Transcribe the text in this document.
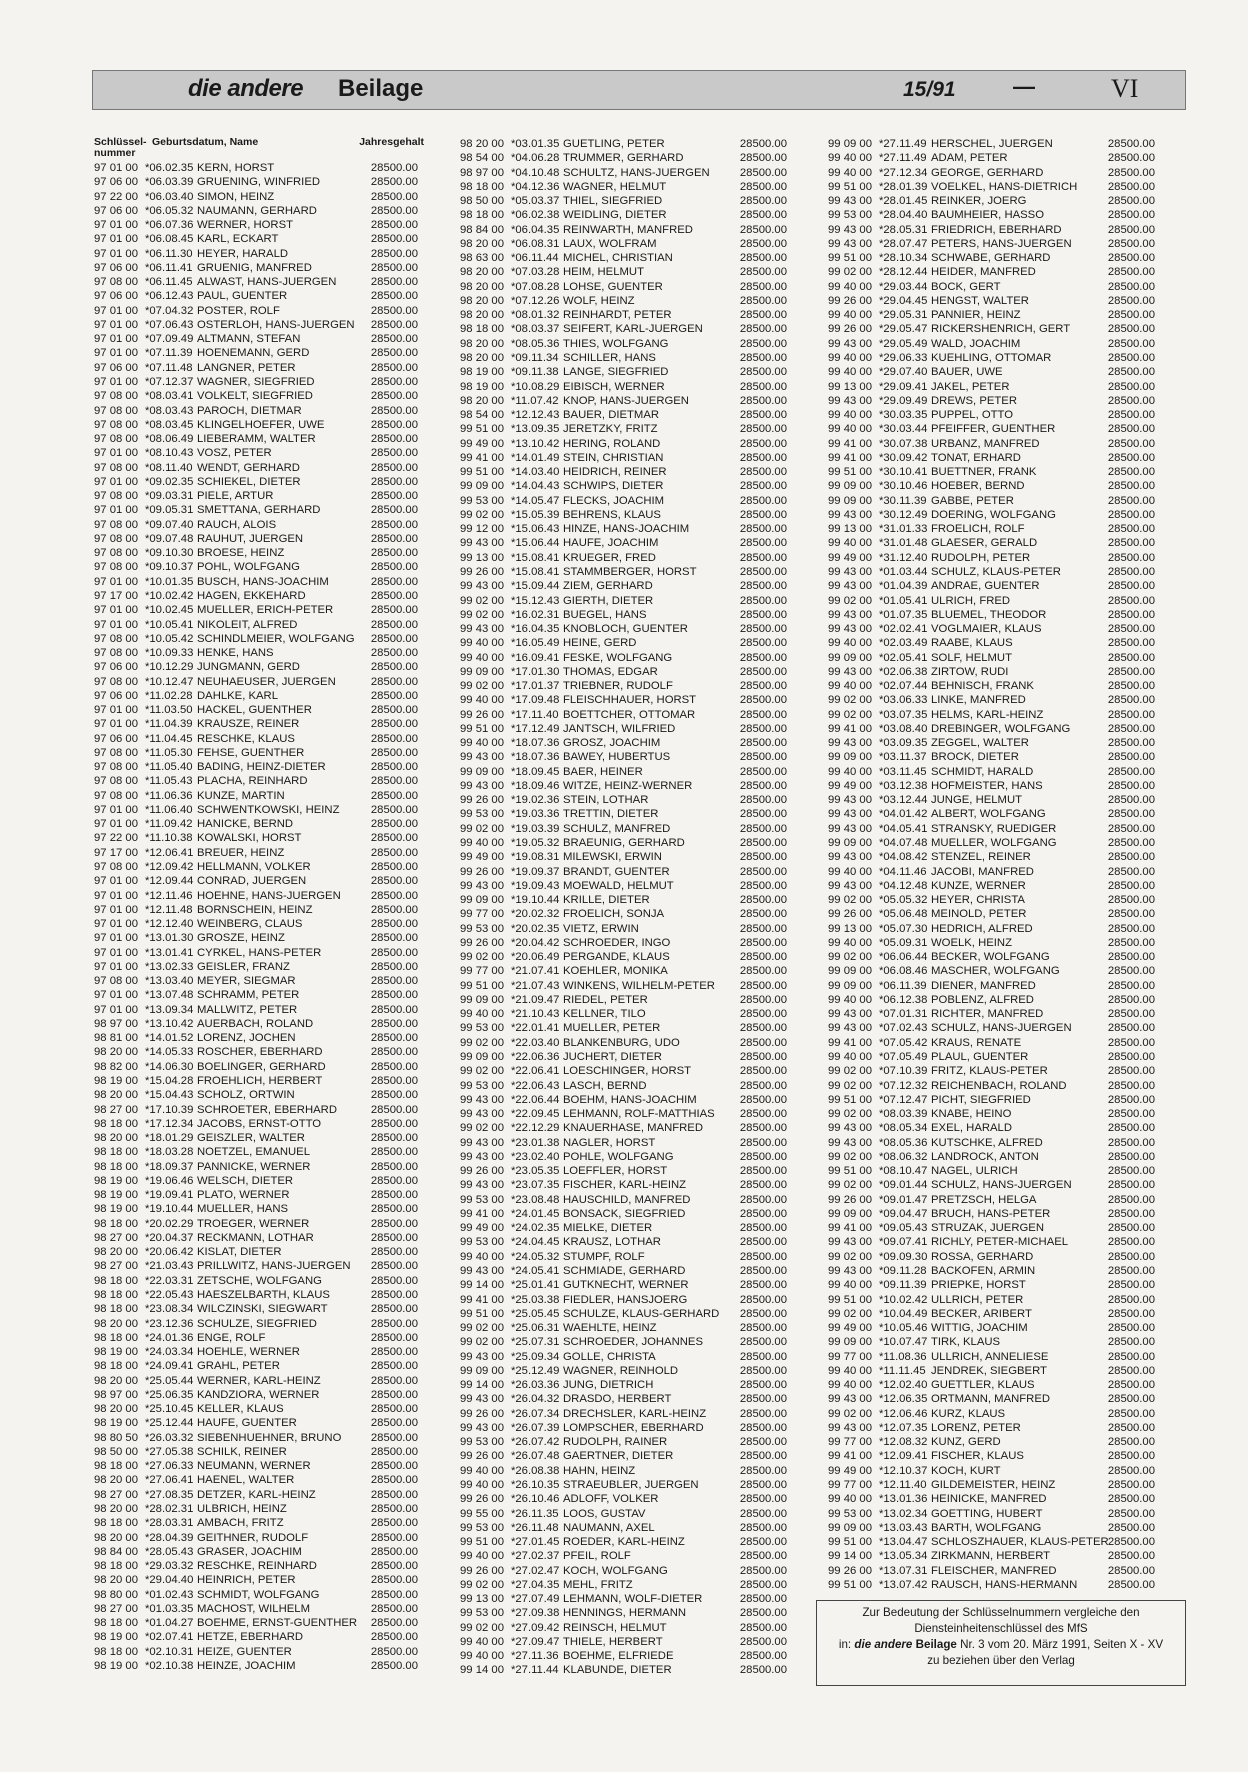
die andere Beilage	15/91	—	VI
Schlüssel-nummer
Geburtsdatum, Name	Jahresgehalt
97 01 00 *06.02.35 KERN, HORST	28500.00
97 06 00 *06.03.39 GRUENING, WINFRIED	28500.00
97 22 00 *06.03.40 SIMON, HEINZ	28500.00
97 06 00 *06.05.32 NAUMANN, GERHARD	28500.00
97 01 00 *06.07.36 WERNER, HORST	28500.00
97 01 00 *06.08.45 KARL, ECKART	28500.00
97 01 00 *06.11.30 HEYER, HARALD	28500.00
97 06 00 *06.11.41 GRUENIG, MANFRED	28500.00
97 08 00 *06.11.45 ALWAST, HANS-JUERGEN	28500.00
97 06 00 *06.12.43 PAUL, GUENTER	28500.00
97 01 00 *07.04.32 POSTER, ROLF	28500.00
97 01 00 *07.06.43 OSTERLOH, HANS-JUERGEN 28500.00
97 01 00 *07.09.49 ALTMANN, STEFAN	28500.00
97 01 00 *07.11.39 HOENEMANN, GERD	28500.00
97 06 00 *07.11.48 LANGNER, PETER	28500.00
97 01 00 *07.12.37 WAGNER, SIEGFRIED	28500.00
97 08 00 *08.03.41 VOLKELT, SIEGFRIED	28500.00
97 08 00 *08.03.43 PAROCH, DIETMAR	28500.00
97 08 00 *08.03.45 KLINGELHOEFER, UWE	28500.00
97 08 00 *08.06.49 LIEBERAMM, WALTER	28500.00
97 01 00 *08.10.43 VOSZ, PETER	28500.00
97 08 00 *08.11.40 WENDT, GERHARD	28500.00
97 01 00 *09.02.35 SCHIEKEL, DIETER	28500.00
97 08 00 *09.03.31 PIELE, ARTUR	28500.00
97 01 00 *09.05.31 SMETTANA, GERHARD	28500.00
97 08 00 *09.07.40 RAUCH, ALOIS	28500.00
97 08 00 *09.07.48 RAUHUT, JUERGEN	28500.00
97 08 00 *09.10.30 BROESE, HEINZ	28500.00
97 08 00 *09.10.37 POHL, WOLFGANG	28500.00
97 01 00 *10.01.35 BUSCH, HANS-JOACHIM	28500.00
97 17 00 *10.02.42 HAGEN, EKKEHARD	28500.00
97 01 00 *10.02.45 MUELLER, ERICH-PETER	28500.00
97 01 00 *10.05.41 NIKOLEIT, ALFRED	28500.00
97 08 00 *10.05.42 SCHINDLMEIER, WOLFGANG 28500.00
97 08 00 *10.09.33 HENKE, HANS	28500.00
97 06 00 *10.12.29 JUNGMANN, GERD	28500.00
97 08 00 *10.12.47 NEUHAEUSER, JUERGEN	28500.00
97 06 00 *11.02.28 DAHLKE, KARL	28500.00
97 01 00 *11.03.50 HACKEL, GUENTHER	28500.00
97 01 00 *11.04.39 KRAUSZE, REINER	28500.00
97 06 00 *11.04.45 RESCHKE, KLAUS	28500.00
97 08 00 *11.05.30 FEHSE, GUENTHER	28500.00
97 08 00 *11.05.40 BADING, HEINZ-DIETER	28500.00
97 08 00 *11.05.43 PLACHA, REINHARD	28500.00
97 08 00 *11.06.36 KUNZE, MARTIN	28500.00
97 01 00 *11.06.40 SCHWENTKOWSKI, HEINZ	28500.00
97 01 00 *11.09.42 HANICKE, BERND	28500.00
97 22 00 *11.10.38 KOWALSKI, HORST	28500.00
97 17 00 *12.06.41 BREUER, HEINZ	28500.00
97 08 00 *12.09.42 HELLMANN, VOLKER	28500.00
97 01 00 *12.09.44 CONRAD, JUERGEN	28500.00
97 01 00 *12.11.46 HOEHNE, HANS-JUERGEN	28500.00
97 01 00 *12.11.48 BORNSCHEIN, HEINZ	28500.00
97 01 00 *12.12.40 WEINBERG, CLAUS	28500.00
97 01 00 *13.01.30 GROSZE, HEINZ	28500.00
97 01 00 *13.01.41 CYRKEL, HANS-PETER	28500.00
97 01 00 *13.02.33 GEISLER, FRANZ	28500.00
97 08 00 *13.03.40 MEYER, SIEGMAR	28500.00
97 01 00 *13.07.48 SCHRAMM, PETER	28500.00
97 01 00 *13.09.34 MALLWITZ, PETER	28500.00
98 97 00 *13.10.42 AUERBACH, ROLAND	28500.00
98 81 00 *14.01.52 LORENZ, JOCHEN	28500.00
98 20 00 *14.05.33 ROSCHER, EBERHARD	28500.00
98 82 00 *14.06.30 BOELINGER, GERHARD	28500.00
98 19 00 *15.04.28 FROEHLICH, HERBERT	28500.00
98 20 00 *15.04.43 SCHOLZ, ORTWIN	28500.00
98 27 00 *17.10.39 SCHROETER, EBERHARD	28500.00
98 18 00 *17.12.34 JACOBS, ERNST-OTTO	28500.00
98 20 00 *18.01.29 GEISZLER, WALTER	28500.00
98 18 00 *18.03.28 NOETZEL, EMANUEL	28500.00
98 18 00 *18.09.37 PANNICKE, WERNER	28500.00
98 19 00 *19.06.46 WELSCH, DIETER	28500.00
98 19 00 *19.09.41 PLATO, WERNER	28500.00
98 19 00 *19.10.44 MUELLER, HANS	28500.00
98 18 00 *20.02.29 TROEGER, WERNER	28500.00
98 27 00 *20.04.37 RECKMANN, LOTHAR	28500.00
98 20 00 *20.06.42 KISLAT, DIETER	28500.00
98 27 00 *21.03.43 PRILLWITZ, HANS-JUERGEN 28500.00
98 18 00 *22.03.31 ZETSCHE, WOLFGANG	28500.00
98 18 00 *22.05.43 HAESZELBARTH, KLAUS	28500.00
98 18 00 *23.08.34 WILCZINSKI, SIEGWART	28500.00
98 20 00 *23.12.36 SCHULZE, SIEGFRIED	28500.00
98 18 00 *24.01.36 ENGE, ROLF	28500.00
98 19 00 *24.03.34 HOEHLE, WERNER	28500.00
98 18 00 *24.09.41 GRAHL, PETER	28500.00
98 20 00 *25.05.44 WERNER, KARL-HEINZ	28500.00
98 97 00 *25.06.35 KANDZIORA, WERNER	28500.00
98 20 00 *25.10.45 KELLER, KLAUS	28500.00
98 19 00 *25.12.44 HAUFE, GUENTER	28500.00
98 80 50 *26.03.32 SIEBENHUEHNER, BRUNO	28500.00
98 50 00 *27.05.38 SCHILK, REINER	28500.00
98 18 00 *27.06.33 NEUMANN, WERNER	28500.00
98 20 00 *27.06.41 HAENEL, WALTER	28500.00
98 27 00 *27.08.35 DETZER, KARL-HEINZ	28500.00
98 20 00 *28.02.31 ULBRICH, HEINZ	28500.00
98 18 00 *28.03.31 AMBACH, FRITZ	28500.00
98 20 00 *28.04.39 GEITHNER, RUDOLF	28500.00
98 84 00 *28.05.43 GRASER, JOACHIM	28500.00
98 18 00 *29.03.32 RESCHKE, REINHARD	28500.00
98 20 00 *29.04.40 HEINRICH, PETER	28500.00
98 80 00 *01.02.43 SCHMIDT, WOLFGANG	28500.00
98 27 00 *01.03.35 MACHOST, WILHELM	28500.00
98 18 00 *01.04.27 BOEHME, ERNST-GUENTHER 28500.00
98 19 00 *02.07.41 HETZE, EBERHARD	28500.00
98 18 00 *02.10.31 HEIZE, GUENTER	28500.00
98 19 00 *02.10.38 HEINZE, JOACHIM	28500.00
98 20 00 *03.01.35 GUETLING, PETER	28500.00
98 54 00 *04.06.28 TRUMMER, GERHARD	28500.00
98 97 00 *04.10.48 SCHULTZ, HANS-JUERGEN	28500.00
98 18 00 *04.12.36 WAGNER, HELMUT	28500.00
98 50 00 *05.03.37 THIEL, SIEGFRIED	28500.00
98 18 00 *06.02.38 WEIDLING, DIETER	28500.00
98 84 00 *06.04.35 REINWARTH, MANFRED	28500.00
98 20 00 *06.08.31 LAUX, WOLFRAM	28500.00
98 63 00 *06.11.44 MICHEL, CHRISTIAN	28500.00
98 20 00 *07.03.28 HEIM, HELMUT	28500.00
98 20 00 *07.08.28 LOHSE, GUENTER	28500.00
98 20 00 *07.12.26 WOLF, HEINZ	28500.00
98 20 00 *08.01.32 REINHARDT, PETER	28500.00
98 18 00 *08.03.37 SEIFERT, KARL-JUERGEN	28500.00
98 20 00 *08.05.36 THIES, WOLFGANG	28500.00
98 20 00 *09.11.34 SCHILLER, HANS	28500.00
98 19 00 *09.11.38 LANGE, SIEGFRIED	28500.00
98 19 00 *10.08.29 EIBISCH, WERNER	28500.00
98 20 00 *11.07.42 KNOP, HANS-JUERGEN	28500.00
98 54 00 *12.12.43 BAUER, DIETMAR	28500.00
99 51 00 *13.09.35 JERETZKY, FRITZ	28500.00
99 49 00 *13.10.42 HERING, ROLAND	28500.00
99 41 00 *14.01.49 STEIN, CHRISTIAN	28500.00
99 51 00 *14.03.40 HEIDRICH, REINER	28500.00
99 09 00 *14.04.43 SCHWIPS, DIETER	28500.00
99 53 00 *14.05.47 FLECKS, JOACHIM	28500.00
99 02 00 *15.05.39 BEHRENS, KLAUS	28500.00
99 12 00 *15.06.43 HINZE, HANS-JOACHIM	28500.00
99 43 00 *15.06.44 HAUFE, JOACHIM	28500.00
99 13 00 *15.08.41 KRUEGER, FRED	28500.00
99 26 00 *15.08.41 STAMMBERGER, HORST	28500.00
99 43 00 *15.09.44 ZIEM, GERHARD	28500.00
99 02 00 *15.12.43 GIERTH, DIETER	28500.00
99 02 00 *16.02.31 BUEGEL, HANS	28500.00
99 43 00 *16.04.35 KNOBLOCH, GUENTER	28500.00
99 40 00 *16.05.49 HEINE, GERD	28500.00
99 40 00 *16.09.41 FESKE, WOLFGANG	28500.00
99 09 00 *17.01.30 THOMAS, EDGAR	28500.00
99 02 00 *17.01.37 TRIEBNER, RUDOLF	28500.00
99 40 00 *17.09.48 FLEISCHHAUER, HORST	28500.00
99 26 00 *17.11.40 BOETTCHER, OTTOMAR	28500.00
99 51 00 *17.12.49 JANTSCH, WILFRIED	28500.00
99 40 00 *18.07.36 GROSZ, JOACHIM	28500.00
99 43 00 *18.07.36 BAWEY, HUBERTUS	28500.00
99 09 00 *18.09.45 BAER, HEINER	28500.00
99 43 00 *18.09.46 WITZE, HEINZ-WERNER	28500.00
99 26 00 *19.02.36 STEIN, LOTHAR	28500.00
99 53 00 *19.03.36 TRETTIN, DIETER	28500.00
99 02 00 *19.03.39 SCHULZ, MANFRED	28500.00
99 40 00 *19.05.32 BRAEUNIG, GERHARD	28500.00
99 49 00 *19.08.31 MILEWSKI, ERWIN	28500.00
99 26 00 *19.09.37 BRANDT, GUENTER	28500.00
99 43 00 *19.09.43 MOEWALD, HELMUT	28500.00
99 09 00 *19.10.44 KRILLE, DIETER	28500.00
99 77 00 *20.02.32 FROELICH, SONJA	28500.00
99 53 00 *20.02.35 VIETZ, ERWIN	28500.00
99 26 00 *20.04.42 SCHROEDER, INGO	28500.00
99 02 00 *20.06.49 PERGANDE, KLAUS	28500.00
99 77 00 *21.07.41 KOEHLER, MONIKA	28500.00
99 51 00 *21.07.43 WINKENS, WILHELM-PETER 28500.00
99 09 00 *21.09.47 RIEDEL, PETER	28500.00
99 40 00 *21.10.43 KELLNER, TILO	28500.00
99 53 00 *22.01.41 MUELLER, PETER	28500.00
99 02 00 *22.03.40 BLANKENBURG, UDO	28500.00
99 09 00 *22.06.36 JUCHERT, DIETER	28500.00
99 02 00 *22.06.41 LOESCHINGER, HORST	28500.00
99 53 00 *22.06.43 LASCH, BERND	28500.00
99 43 00 *22.06.44 BOEHM, HANS-JOACHIM	28500.00
99 43 00 *22.09.45 LEHMANN, ROLF-MATTHIAS 28500.00
99 02 00 *22.12.29 KNAUERHASE, MANFRED	28500.00
99 43 00 *23.01.38 NAGLER, HORST	28500.00
99 43 00 *23.02.40 POHLE, WOLFGANG	28500.00
99 26 00 *23.05.35 LOEFFLER, HORST	28500.00
99 43 00 *23.07.35 FISCHER, KARL-HEINZ	28500.00
99 53 00 *23.08.48 HAUSCHILD, MANFRED	28500.00
99 41 00 *24.01.45 BONSACK, SIEGFRIED	28500.00
99 49 00 *24.02.35 MIELKE, DIETER	28500.00
99 53 00 *24.04.45 KRAUSZ, LOTHAR	28500.00
99 40 00 *24.05.32 STUMPF, ROLF	28500.00
99 43 00 *24.05.41 SCHMIADE, GERHARD	28500.00
99 14 00 *25.01.41 GUTKNECHT, WERNER	28500.00
99 41 00 *25.03.38 FIEDLER, HANSJOERG	28500.00
99 51 00 *25.05.45 SCHULZE, KLAUS-GERHARD 28500.00
99 02 00 *25.06.31 WAEHLTE, HEINZ	28500.00
99 02 00 *25.07.31 SCHROEDER, JOHANNES	28500.00
99 43 00 *25.09.34 GOLLE, CHRISTA	28500.00
99 09 00 *25.12.49 WAGNER, REINHOLD	28500.00
99 14 00 *26.03.36 JUNG, DIETRICH	28500.00
99 43 00 *26.04.32 DRASDO, HERBERT	28500.00
99 26 00 *26.07.34 DRECHSLER, KARL-HEINZ	28500.00
99 43 00 *26.07.39 LOMPSCHER, EBERHARD	28500.00
99 53 00 *26.07.42 RUDOLPH, RAINER	28500.00
99 26 00 *26.07.48 GAERTNER, DIETER	28500.00
99 40 00 *26.08.38 HAHN, HEINZ	28500.00
99 40 00 *26.10.35 STRAEUBLER, JUERGEN	28500.00
99 26 00 *26.10.46 ADLOFF, VOLKER	28500.00
99 55 00 *26.11.35 LOOS, GUSTAV	28500.00
99 53 00 *26.11.48 NAUMANN, AXEL	28500.00
99 51 00 *27.01.45 ROEDER, KARL-HEINZ	28500.00
99 40 00 *27.02.37 PFEIL, ROLF	28500.00
99 26 00 *27.02.47 KOCH, WOLFGANG	28500.00
99 02 00 *27.04.35 MEHL, FRITZ	28500.00
99 13 00 *27.07.49 LEHMANN, WOLF-DIETER	28500.00
99 53 00 *27.09.38 HENNINGS, HERMANN	28500.00
99 02 00 *27.09.42 REINSCH, HELMUT	28500.00
99 40 00 *27.09.47 THIELE, HERBERT	28500.00
99 40 00 *27.11.36 BOEHME, ELFRIEDE	28500.00
99 14 00 *27.11.44 KLABUNDE, DIETER	28500.00
99 09 00 *27.11.49 HERSCHEL, JUERGEN	28500.00
99 40 00 *27.11.49 ADAM, PETER	28500.00
99 40 00 *27.12.34 GEORGE, GERHARD	28500.00
99 51 00 *28.01.39 VOELKEL, HANS-DIETRICH	28500.00
99 43 00 *28.01.45 REINKER, JOERG	28500.00
99 53 00 *28.04.40 BAUMHEIER, HASSO	28500.00
99 43 00 *28.05.31 FRIEDRICH, EBERHARD	28500.00
99 43 00 *28.07.47 PETERS, HANS-JUERGEN	28500.00
99 51 00 *28.10.34 SCHWABE, GERHARD	28500.00
99 02 00 *28.12.44 HEIDER, MANFRED	28500.00
99 40 00 *29.03.44 BOCK, GERT	28500.00
99 26 00 *29.04.45 HENGST, WALTER	28500.00
99 40 00 *29.05.31 PANNIER, HEINZ	28500.00
99 26 00 *29.05.47 RICKERSHENRICH, GERT	28500.00
99 43 00 *29.05.49 WALD, JOACHIM	28500.00
99 40 00 *29.06.33 KUEHLING, OTTOMAR	28500.00
99 40 00 *29.07.40 BAUER, UWE	28500.00
99 13 00 *29.09.41 JAKEL, PETER	28500.00
99 43 00 *29.09.49 DREWS, PETER	28500.00
99 40 00 *30.03.35 PUPPEL, OTTO	28500.00
99 40 00 *30.03.44 PFEIFFER, GUENTHER	28500.00
99 41 00 *30.07.38 URBANZ, MANFRED	28500.00
99 41 00 *30.09.42 TONAT, ERHARD	28500.00
99 51 00 *30.10.41 BUETTNER, FRANK	28500.00
99 09 00 *30.10.46 HOEBER, BERND	28500.00
99 09 00 *30.11.39 GABBE, PETER	28500.00
99 43 00 *30.12.49 DOERING, WOLFGANG	28500.00
99 13 00 *31.01.33 FROELICH, ROLF	28500.00
99 40 00 *31.01.48 GLAESER, GERALD	28500.00
99 49 00 *31.12.40 RUDOLPH, PETER	28500.00
99 43 00 *01.03.44 SCHULZ, KLAUS-PETER	28500.00
99 43 00 *01.04.39 ANDRAE, GUENTER	28500.00
99 02 00 *01.05.41 ULRICH, FRED	28500.00
99 43 00 *01.07.35 BLUEMEL, THEODOR	28500.00
99 43 00 *02.02.41 VOGLMAIER, KLAUS	28500.00
99 40 00 *02.03.49 RAABE, KLAUS	28500.00
99 09 00 *02.05.41 SOLF, HELMUT	28500.00
99 43 00 *02.06.38 ZIRTOW, RUDI	28500.00
99 40 00 *02.07.44 BEHNISCH, FRANK	28500.00
99 02 00 *03.06.33 LINKE, MANFRED	28500.00
99 02 00 *03.07.35 HELMS, KARL-HEINZ	28500.00
99 41 00 *03.08.40 DREBINGER, WOLFGANG	28500.00
99 43 00 *03.09.35 ZEGGEL, WALTER	28500.00
99 09 00 *03.11.37 BROCK, DIETER	28500.00
99 40 00 *03.11.45 SCHMIDT, HARALD	28500.00
99 49 00 *03.12.38 HOFMEISTER, HANS	28500.00
99 43 00 *03.12.44 JUNGE, HELMUT	28500.00
99 43 00 *04.01.42 ALBERT, WOLFGANG	28500.00
99 43 00 *04.05.41 STRANSKY, RUEDIGER	28500.00
99 09 00 *04.07.48 MUELLER, WOLFGANG	28500.00
99 43 00 *04.08.42 STENZEL, REINER	28500.00
99 40 00 *04.11.46 JACOBI, MANFRED	28500.00
99 43 00 *04.12.48 KUNZE, WERNER	28500.00
99 02 00 *05.05.32 HEYER, CHRISTA	28500.00
99 26 00 *05.06.48 MEINOLD, PETER	28500.00
99 13 00 *05.07.30 HEDRICH, ALFRED	28500.00
99 40 00 *05.09.31 WOELK, HEINZ	28500.00
99 02 00 *06.06.44 BECKER, WOLFGANG	28500.00
99 09 00 *06.08.46 MASCHER, WOLFGANG	28500.00
99 09 00 *06.11.39 DIENER, MANFRED	28500.00
99 40 00 *06.12.38 POBLENZ, ALFRED	28500.00
99 43 00 *07.01.31 RICHTER, MANFRED	28500.00
99 43 00 *07.02.43 SCHULZ, HANS-JUERGEN	28500.00
99 41 00 *07.05.42 KRAUS, RENATE	28500.00
99 40 00 *07.05.49 PLAUL, GUENTER	28500.00
99 02 00 *07.10.39 FRITZ, KLAUS-PETER	28500.00
99 02 00 *07.12.32 REICHENBACH, ROLAND	28500.00
99 51 00 *07.12.47 PICHT, SIEGFRIED	28500.00
99 02 00 *08.03.39 KNABE, HEINO	28500.00
99 43 00 *08.05.34 EXEL, HARALD	28500.00
99 43 00 *08.05.36 KUTSCHKE, ALFRED	28500.00
99 02 00 *08.06.32 LANDROCK, ANTON	28500.00
99 51 00 *08.10.47 NAGEL, ULRICH	28500.00
99 02 00 *09.01.44 SCHULZ, HANS-JUERGEN	28500.00
99 26 00 *09.01.47 PRETZSCH, HELGA	28500.00
99 09 00 *09.04.47 BRUCH, HANS-PETER	28500.00
99 41 00 *09.05.43 STRUZAK, JUERGEN	28500.00
99 43 00 *09.07.41 RICHLY, PETER-MICHAEL	28500.00
99 02 00 *09.09.30 ROSSA, GERHARD	28500.00
99 43 00 *09.11.28 BACKOFEN, ARMIN	28500.00
99 40 00 *09.11.39 PRIEPKE, HORST	28500.00
99 51 00 *10.02.42 ULLRICH, PETER	28500.00
99 02 00 *10.04.49 BECKER, ARIBERT	28500.00
99 49 00 *10.05.46 WITTIG, JOACHIM	28500.00
99 09 00 *10.07.47 TIRK, KLAUS	28500.00
99 77 00 *11.08.36 ULLRICH, ANNELIESE	28500.00
99 40 00 *11.11.45 JENDREK, SIEGBERT	28500.00
99 40 00 *12.02.40 GUETTLER, KLAUS	28500.00
99 43 00 *12.06.35 ORTMANN, MANFRED	28500.00
99 02 00 *12.06.46 KURZ, KLAUS	28500.00
99 43 00 *12.07.35 LORENZ, PETER	28500.00
99 77 00 *12.08.32 KUNZ, GERD	28500.00
99 41 00 *12.09.41 FISCHER, KLAUS	28500.00
99 49 00 *12.10.37 KOCH, KURT	28500.00
99 77 00 *12.11.40 GILDEMEISTER, HEINZ	28500.00
99 40 00 *13.01.36 HEINICKE, MANFRED	28500.00
99 53 00 *13.02.34 GOETTING, HUBERT	28500.00
99 09 00 *13.03.43 BARTH, WOLFGANG	28500.00
99 51 00 *13.04.47 SCHLOSZHAUER, KLAUS-PETER 28500.00
99 14 00 *13.05.34 ZIRKMANN, HERBERT	28500.00
99 26 00 *13.07.31 FLEISCHER, MANFRED	28500.00
99 51 00 *13.07.42 RAUSCH, HANS-HERMANN	28500.00
Zur Bedeutung der Schlüsselnummern vergleiche den
Diensteinheitenschlüssel des MfS
in: die andere Beilage Nr. 3 vom 20. März 1991, Seiten X - XV
zu beziehen über den Verlag
